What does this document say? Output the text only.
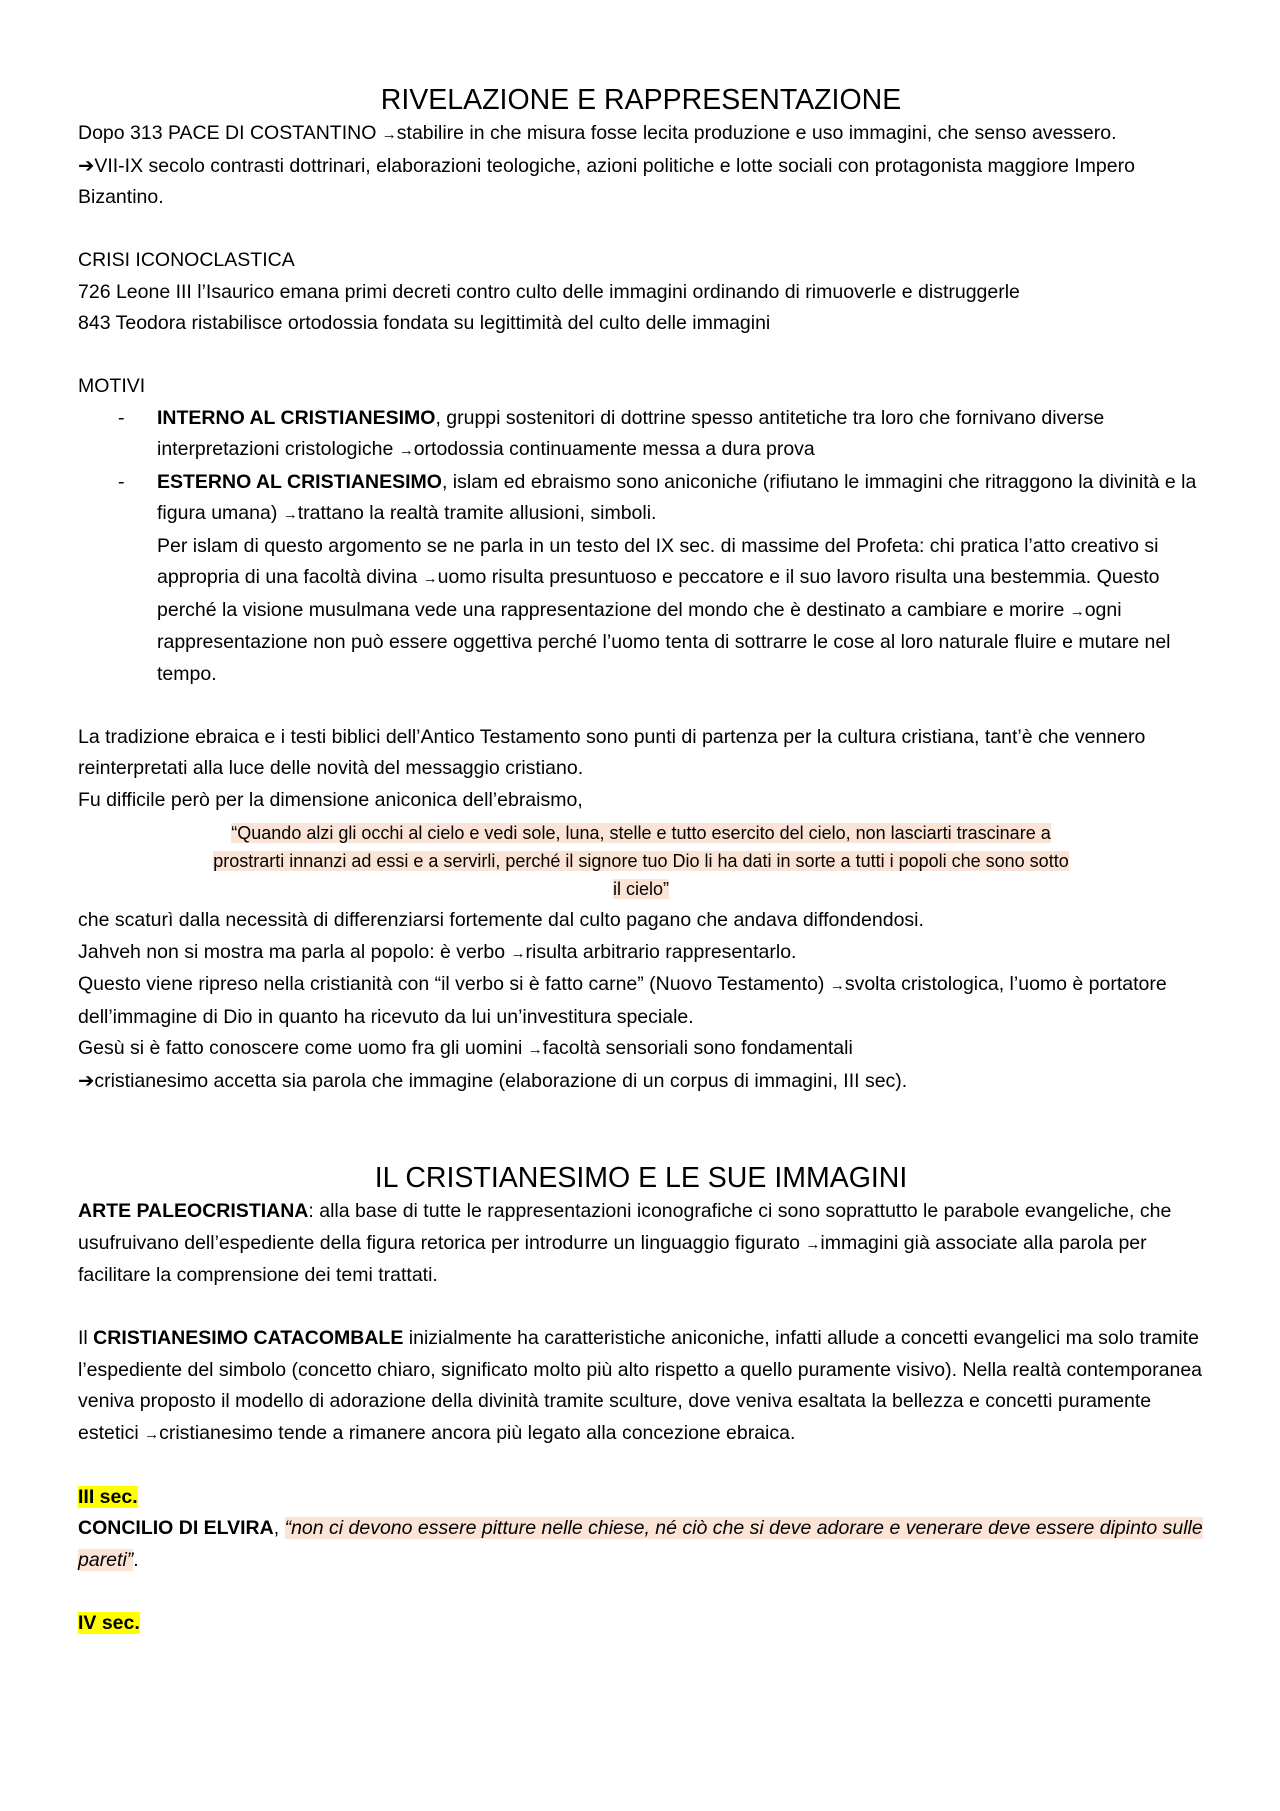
RIVELAZIONE E RAPPRESENTAZIONE

Dopo 313 PACE DI COSTANTINO →stabilire in che misura fosse lecita produzione e uso immagini, che senso avessero.

➔VII-IX secolo contrasti dottrinari, elaborazioni teologiche, azioni politiche e lotte sociali con protagonista maggiore Impero Bizantino.

CRISI ICONOCLASTICA

726 Leone III l’Isaurico emana primi decreti contro culto delle immagini ordinando di rimuoverle e distruggerle

843 Teodora ristabilisce ortodossia fondata su legittimità del culto delle immagini

MOTIVI

- INTERNO AL CRISTIANESIMO, gruppi sostenitori di dottrine spesso antitetiche tra loro che fornivano diverse interpretazioni cristologiche →ortodossia continuamente messa a dura prova
- ESTERNO AL CRISTIANESIMO, islam ed ebraismo sono aniconiche (rifiutano le immagini che ritraggono la divinità e la figura umana) →trattano la realtà tramite allusioni, simboli.
Per islam di questo argomento se ne parla in un testo del IX sec. di massime del Profeta: chi pratica l’atto creativo si appropria di una facoltà divina →uomo risulta presuntuoso e peccatore e il suo lavoro risulta una bestemmia. Questo perché la visione musulmana vede una rappresentazione del mondo che è destinato a cambiare e morire →ogni rappresentazione non può essere oggettiva perché l’uomo tenta di sottrarre le cose al loro naturale fluire e mutare nel tempo.

La tradizione ebraica e i testi biblici dell’Antico Testamento sono punti di partenza per la cultura cristiana, tant’è che vennero reinterpretati alla luce delle novità del messaggio cristiano.

Fu difficile però per la dimensione aniconica dell’ebraismo,

“Quando alzi gli occhi al cielo e vedi sole, luna, stelle e tutto esercito del cielo, non lasciarti trascinare a
prostrarti innanzi ad essi e a servirli, perché il signore tuo Dio li ha dati in sorte a tutti i popoli che sono sotto
il cielo”

che scaturì dalla necessità di differenziarsi fortemente dal culto pagano che andava diffondendosi.

Jahveh non si mostra ma parla al popolo: è verbo →risulta arbitrario rappresentarlo.

Questo viene ripreso nella cristianità con “il verbo si è fatto carne” (Nuovo Testamento) →svolta cristologica, l’uomo è portatore dell’immagine di Dio in quanto ha ricevuto da lui un’investitura speciale.

Gesù si è fatto conoscere come uomo fra gli uomini →facoltà sensoriali sono fondamentali

➔cristianesimo accetta sia parola che immagine (elaborazione di un corpus di immagini, III sec).

IL CRISTIANESIMO E LE SUE IMMAGINI

ARTE PALEOCRISTIANA: alla base di tutte le rappresentazioni iconografiche ci sono soprattutto le parabole evangeliche, che usufruivano dell’espediente della figura retorica per introdurre un linguaggio figurato →immagini già associate alla parola per facilitare la comprensione dei temi trattati.

Il CRISTIANESIMO CATACOMBALE inizialmente ha caratteristiche aniconiche, infatti allude a concetti evangelici ma solo tramite l’espediente del simbolo (concetto chiaro, significato molto più alto rispetto a quello puramente visivo). Nella realtà contemporanea veniva proposto il modello di adorazione della divinità tramite sculture, dove veniva esaltata la bellezza e concetti puramente estetici →cristianesimo tende a rimanere ancora più legato alla concezione ebraica.

III sec.

CONCILIO DI ELVIRA, “non ci devono essere pitture nelle chiese, né ciò che si deve adorare e venerare deve essere dipinto sulle pareti”.

IV sec.
